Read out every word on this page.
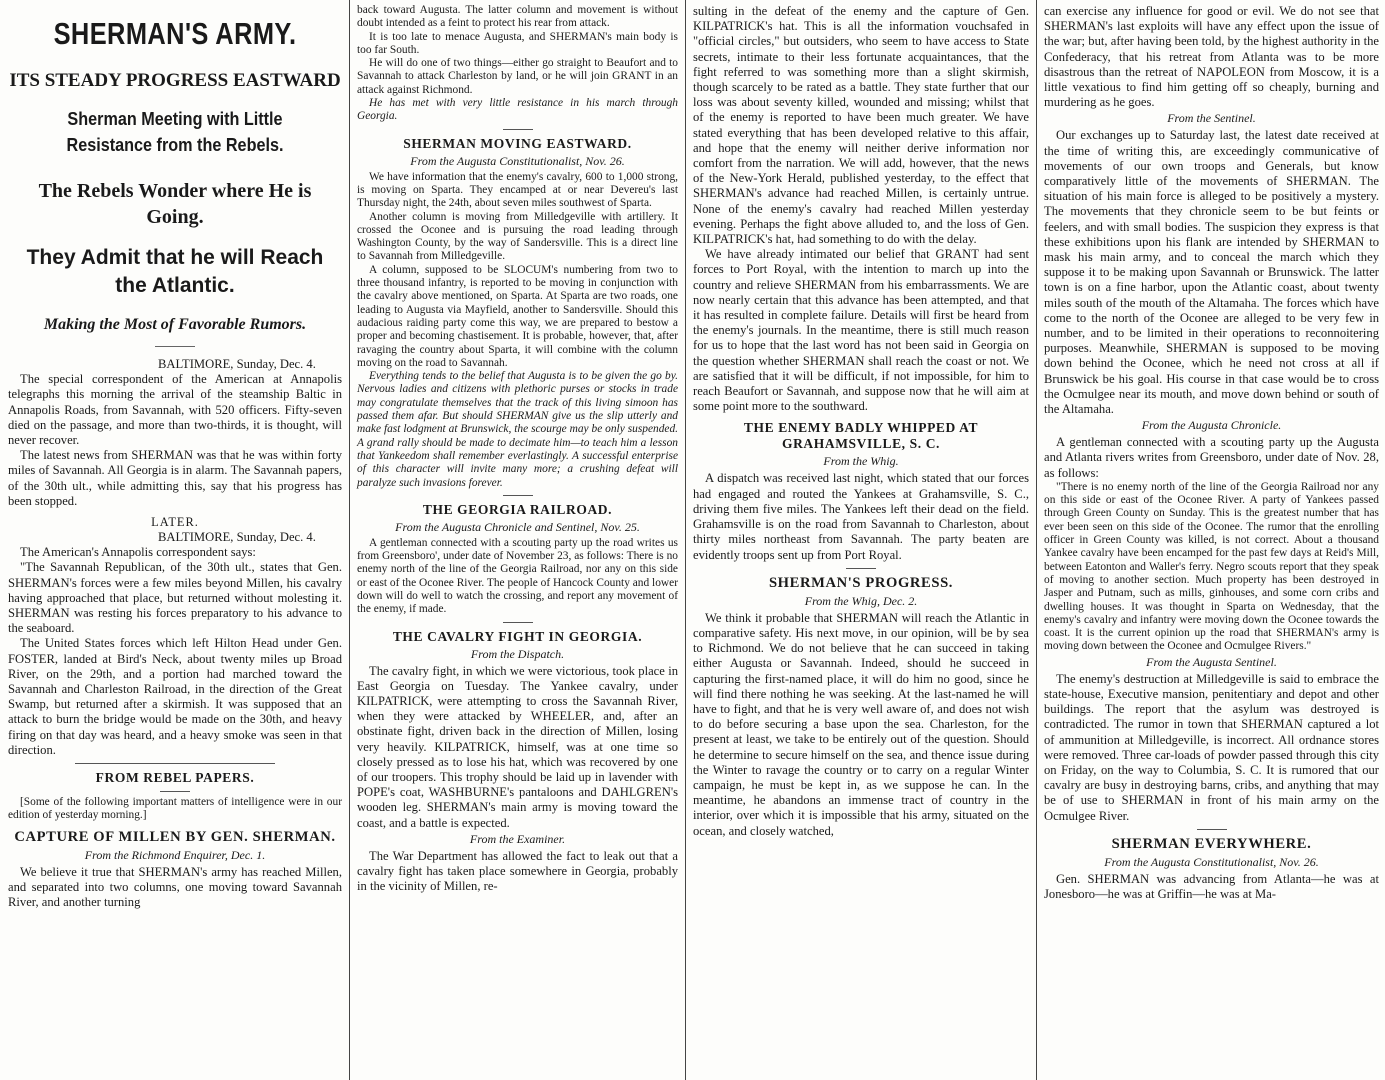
SHERMAN'S ARMY.
ITS STEADY PROGRESS EASTWARD
Sherman Meeting with Little Resistance from the Rebels.
The Rebels Wonder where He is Going.
They Admit that he will Reach the Atlantic.
Making the Most of Favorable Rumors.

BALTIMORE, Sunday, Dec. 4.

The special correspondent of the American at Annapolis telegraphs this morning the arrival of the steamship Baltic in Annapolis Roads, from Savannah, with 520 officers. Fifty-seven died on the passage, and more than two-thirds, it is thought, will never recover.

The latest news from SHERMAN was that he was within forty miles of Savannah. All Georgia is in alarm. The Savannah papers, of the 30th ult., while admitting this, say that his progress has been stopped.

LATER.

BALTIMORE, Sunday, Dec. 4.

The American's Annapolis correspondent says:

"The Savannah Republican, of the 30th ult., states that Gen. SHERMAN's forces were a few miles beyond Millen, his cavalry having approached that place, but returned without molesting it. SHERMAN was resting his forces preparatory to his advance to the seaboard.

The United States forces which left Hilton Head under Gen. FOSTER, landed at Bird's Neck, about twenty miles up Broad River, on the 29th, and a portion had marched toward the Savannah and Charleston Railroad, in the direction of the Great Swamp, but returned after a skirmish. It was supposed that an attack to burn the bridge would be made on the 30th, and heavy firing on that day was heard, and a heavy smoke was seen in that direction.

FROM REBEL PAPERS.

[Some of the following important matters of intelligence were in our edition of yesterday morning.]

CAPTURE OF MILLEN BY GEN. SHERMAN.
From the Richmond Enquirer, Dec. 1.

We believe it true that SHERMAN's army has reached Millen, and separated into two columns, one moving toward Savannah River, and another turning

back toward Augusta. The latter column and movement is without doubt intended as a feint to protect his rear from attack.

It is too late to menace Augusta, and SHERMAN's main body is too far South.

He will do one of two things—either go straight to Beaufort and to Savannah to attack Charleston by land, or he will join GRANT in an attack against Richmond.

He has met with very little resistance in his march through Georgia.

SHERMAN MOVING EASTWARD.
From the Augusta Constitutionalist, Nov. 26.

We have information that the enemy's cavalry, 600 to 1,000 strong, is moving on Sparta. They encamped at or near Devereu's last Thursday night, the 24th, about seven miles southwest of Sparta.

Another column is moving from Milledgeville with artillery. It crossed the Oconee and is pursuing the road leading through Washington County, by the way of Sandersville. This is a direct line to Savannah from Milledgeville.

A column, supposed to be SLOCUM's numbering from two to three thousand infantry, is reported to be moving in conjunction with the cavalry above mentioned, on Sparta. At Sparta are two roads, one leading to Augusta via Mayfield, another to Sandersville. Should this audacious raiding party come this way, we are prepared to bestow a proper and becoming chastisement. It is probable, however, that, after ravaging the country about Sparta, it will combine with the column moving on the road to Savannah.

Everything tends to the belief that Augusta is to be given the go by. Nervous ladies and citizens with plethoric purses or stocks in trade may congratulate themselves that the track of this living simoon has passed them afar. But should SHERMAN give us the slip utterly and make fast lodgment at Brunswick, the scourge may be only suspended. A grand rally should be made to decimate him—to teach him a lesson that Yankeedom shall remember everlastingly. A successful enterprise of this character will invite many more; a crushing defeat will paralyze such invasions forever.

THE GEORGIA RAILROAD.
From the Augusta Chronicle and Sentinel, Nov. 25.

A gentleman connected with a scouting party up the road writes us from Greensboro', under date of November 23, as follows: There is no enemy north of the line of the Georgia Railroad, nor any on this side or east of the Oconee River. The people of Hancock County and lower down will do well to watch the crossing, and report any movement of the enemy, if made.

THE CAVALRY FIGHT IN GEORGIA.
From the Dispatch.

The cavalry fight, in which we were victorious, took place in East Georgia on Tuesday. The Yankee cavalry, under KILPATRICK, were attempting to cross the Savannah River, when they were attacked by WHEELER, and, after an obstinate fight, driven back in the direction of Millen, losing very heavily. KILPATRICK, himself, was at one time so closely pressed as to lose his hat, which was recovered by one of our troopers. This trophy should be laid up in lavender with POPE's coat, WASHBURNE's pantaloons and DAHLGREN's wooden leg. SHERMAN's main army is moving toward the coast, and a battle is expected.

From the Examiner.

The War Department has allowed the fact to leak out that a cavalry fight has taken place somewhere in Georgia, probably in the vicinity of Millen, re-

sulting in the defeat of the enemy and the capture of Gen. KILPATRICK's hat. This is all the information vouchsafed in "official circles," but outsiders, who seem to have access to State secrets, intimate to their less fortunate acquaintances, that the fight referred to was something more than a slight skirmish, though scarcely to be rated as a battle. They state further that our loss was about seventy killed, wounded and missing; whilst that of the enemy is reported to have been much greater. We have stated everything that has been developed relative to this affair, and hope that the enemy will neither derive information nor comfort from the narration. We will add, however, that the news of the New-York Herald, published yesterday, to the effect that SHERMAN's advance had reached Millen, is certainly untrue. None of the enemy's cavalry had reached Millen yesterday evening. Perhaps the fight above alluded to, and the loss of Gen. KILPATRICK's hat, had something to do with the delay.

We have already intimated our belief that GRANT had sent forces to Port Royal, with the intention to march up into the country and relieve SHERMAN from his embarrassments. We are now nearly certain that this advance has been attempted, and that it has resulted in complete failure. Details will first be heard from the enemy's journals. In the meantime, there is still much reason for us to hope that the last word has not been said in Georgia on the question whether SHERMAN shall reach the coast or not. We are satisfied that it will be difficult, if not impossible, for him to reach Beaufort or Savannah, and suppose now that he will aim at some point more to the southward.

THE ENEMY BADLY WHIPPED AT GRAHAMSVILLE, S. C.
From the Whig.

A dispatch was received last night, which stated that our forces had engaged and routed the Yankees at Grahamsville, S. C., driving them five miles. The Yankees left their dead on the field. Grahamsville is on the road from Savannah to Charleston, about thirty miles northeast from Savannah. The party beaten are evidently troops sent up from Port Royal.

SHERMAN'S PROGRESS.
From the Whig, Dec. 2.

We think it probable that SHERMAN will reach the Atlantic in comparative safety. His next move, in our opinion, will be by sea to Richmond. We do not believe that he can succeed in taking either Augusta or Savannah. Indeed, should he succeed in capturing the first-named place, it will do him no good, since he will find there nothing he was seeking. At the last-named he will have to fight, and that he is very well aware of, and does not wish to do before securing a base upon the sea. Charleston, for the present at least, we take to be entirely out of the question. Should he determine to secure himself on the sea, and thence issue during the Winter to ravage the country or to carry on a regular Winter campaign, he must be kept in, as we suppose he can. In the meantime, he abandons an immense tract of country in the interior, over which it is impossible that his army, situated on the ocean, and closely watched,

can exercise any influence for good or evil. We do not see that SHERMAN's last exploits will have any effect upon the issue of the war; but, after having been told, by the highest authority in the Confederacy, that his retreat from Atlanta was to be more disastrous than the retreat of NAPOLEON from Moscow, it is a little vexatious to find him getting off so cheaply, burning and murdering as he goes.

From the Sentinel.

Our exchanges up to Saturday last, the latest date received at the time of writing this, are exceedingly communicative of movements of our own troops and Generals, but know comparatively little of the movements of SHERMAN. The situation of his main force is alleged to be positively a mystery. The movements that they chronicle seem to be but feints or feelers, and with small bodies. The suspicion they express is that these exhibitions upon his flank are intended by SHERMAN to mask his main army, and to conceal the march which they suppose it to be making upon Savannah or Brunswick. The latter town is on a fine harbor, upon the Atlantic coast, about twenty miles south of the mouth of the Altamaha. The forces which have come to the north of the Oconee are alleged to be very few in number, and to be limited in their operations to reconnoitering purposes. Meanwhile, SHERMAN is supposed to be moving down behind the Oconee, which he need not cross at all if Brunswick be his goal. His course in that case would be to cross the Ocmulgee near its mouth, and move down behind or south of the Altamaha.

From the Augusta Chronicle.

A gentleman connected with a scouting party up the Augusta and Atlanta rivers writes from Greensboro, under date of Nov. 28, as follows:

"There is no enemy north of the line of the Georgia Railroad nor any on this side or east of the Oconee River. A party of Yankees passed through Green County on Sunday. This is the greatest number that has ever been seen on this side of the Oconee. The rumor that the enrolling officer in Green County was killed, is not correct. About a thousand Yankee cavalry have been encamped for the past few days at Reid's Mill, between Eatonton and Waller's ferry. Negro scouts report that they speak of moving to another section. Much property has been destroyed in Jasper and Putnam, such as mills, ginhouses, and some corn cribs and dwelling houses. It was thought in Sparta on Wednesday, that the enemy's cavalry and infantry were moving down the Oconee towards the coast. It is the current opinion up the road that SHERMAN's army is moving down between the Oconee and Ocmulgee Rivers."

From the Augusta Sentinel.

The enemy's destruction at Milledgeville is said to embrace the state-house, Executive mansion, penitentiary and depot and other buildings. The report that the asylum was destroyed is contradicted. The rumor in town that SHERMAN captured a lot of ammunition at Milledgeville, is incorrect. All ordnance stores were removed. Three car-loads of powder passed through this city on Friday, on the way to Columbia, S. C. It is rumored that our cavalry are busy in destroying barns, cribs, and anything that may be of use to SHERMAN in front of his main army on the Ocmulgee River.

SHERMAN EVERYWHERE.
From the Augusta Constitutionalist, Nov. 26.

Gen. SHERMAN was advancing from Atlanta—he was at Jonesboro—he was at Griffin—he was at Ma-
